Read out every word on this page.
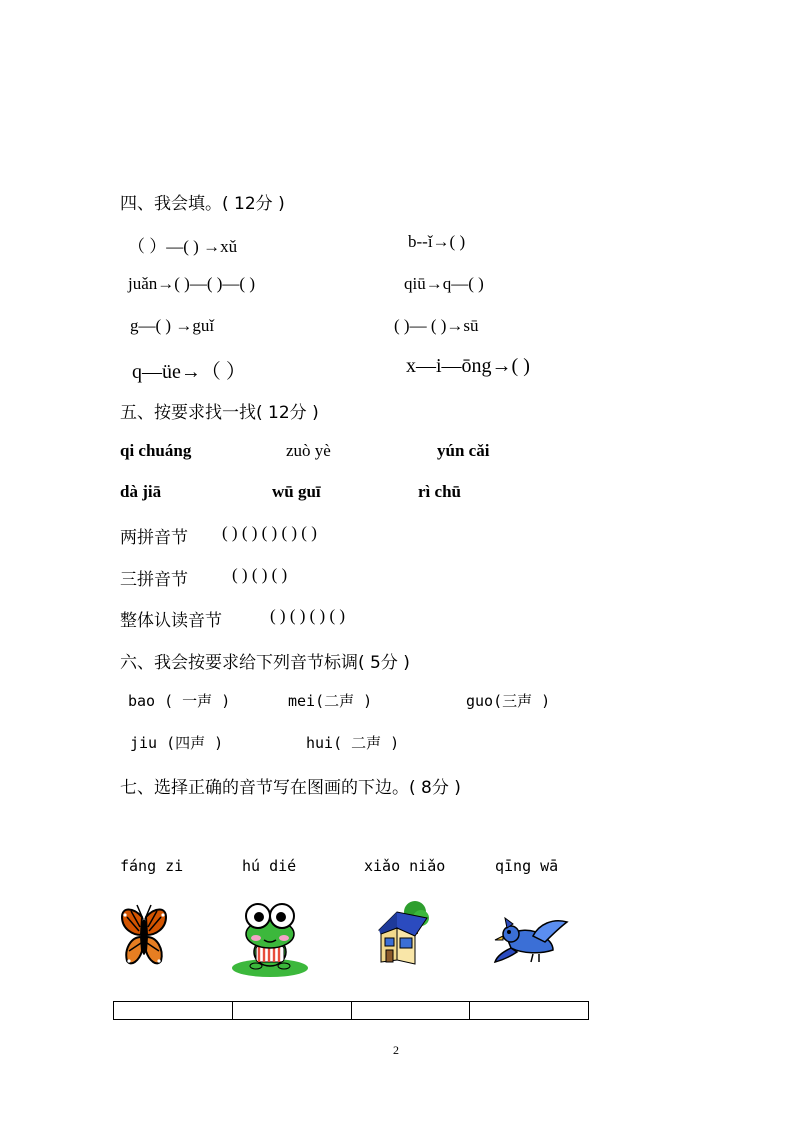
四、我会填。( 12分 )
（ ）—( ) →xǔ	b--ǐ→( )
juǎn→( )—( )—( )	qiū→q—( )
g—( ) →guǐ	( )— ( )→sū
q—üe→（ ）	x—i—ōng→( )
五、按要求找一找( 12分 )
qi chuáng	zuò yè	yún cǎi
dà jiā	wū guī	rì chū
两拼音节 ( ) ( ) ( ) ( ) ( )
三拼音节	( ) ( ) ( )
整体认读音节	( ) ( ) ( ) ( )
六、我会按要求给下列音节标调( 5分 )
bao ( 一声 )	mei(二声 )	guo(三声 )
jiu (四声 )	hui( 二声 )
七、选择正确的音节写在图画的下边。( 8分 )
fáng zi	hú dié	xiǎo niǎo	qīng wā
2
